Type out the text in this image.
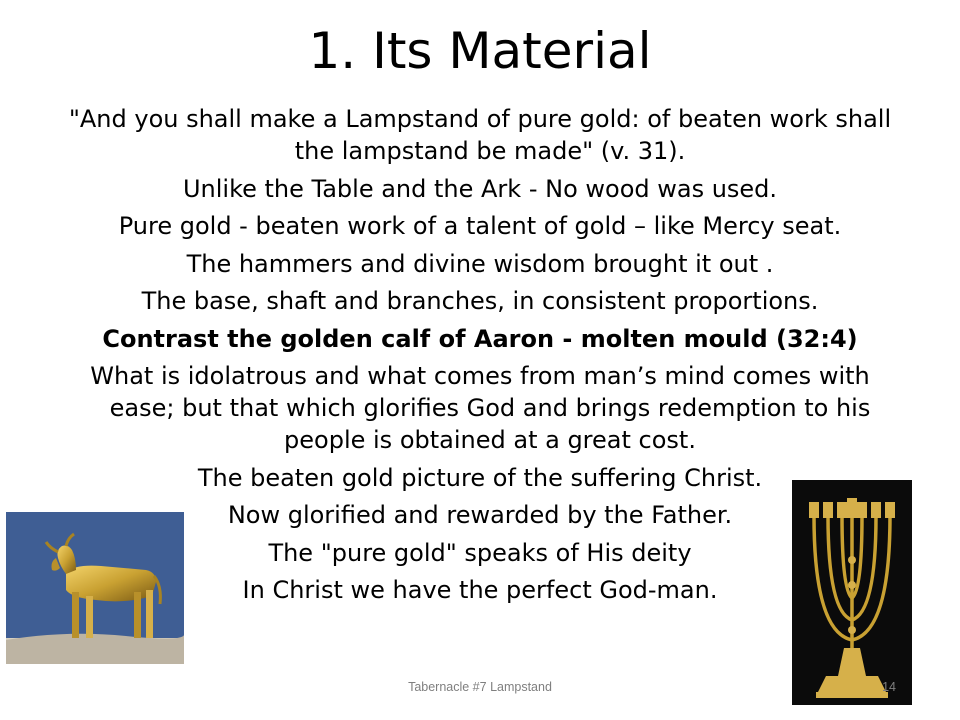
1. Its Material

"And you shall make a Lampstand of pure gold: of beaten work shall the lampstand be made" (v. 31).

Unlike the Table and the Ark - No wood was used.

Pure gold - beaten work of a talent of gold – like Mercy seat.

The hammers and divine wisdom brought it out .

The base, shaft and branches, in consistent proportions.

Contrast the golden calf of Aaron - molten mould (32:4)

What is idolatrous and what comes from man’s mind comes with ease; but that which glorifies God and brings redemption to his people is obtained at a great cost.

The beaten gold picture of the suffering Christ.

Now glorified and rewarded by the Father.

The "pure gold" speaks of His deity

In Christ we have the perfect God-man.

Tabernacle #7 Lampstand	14
